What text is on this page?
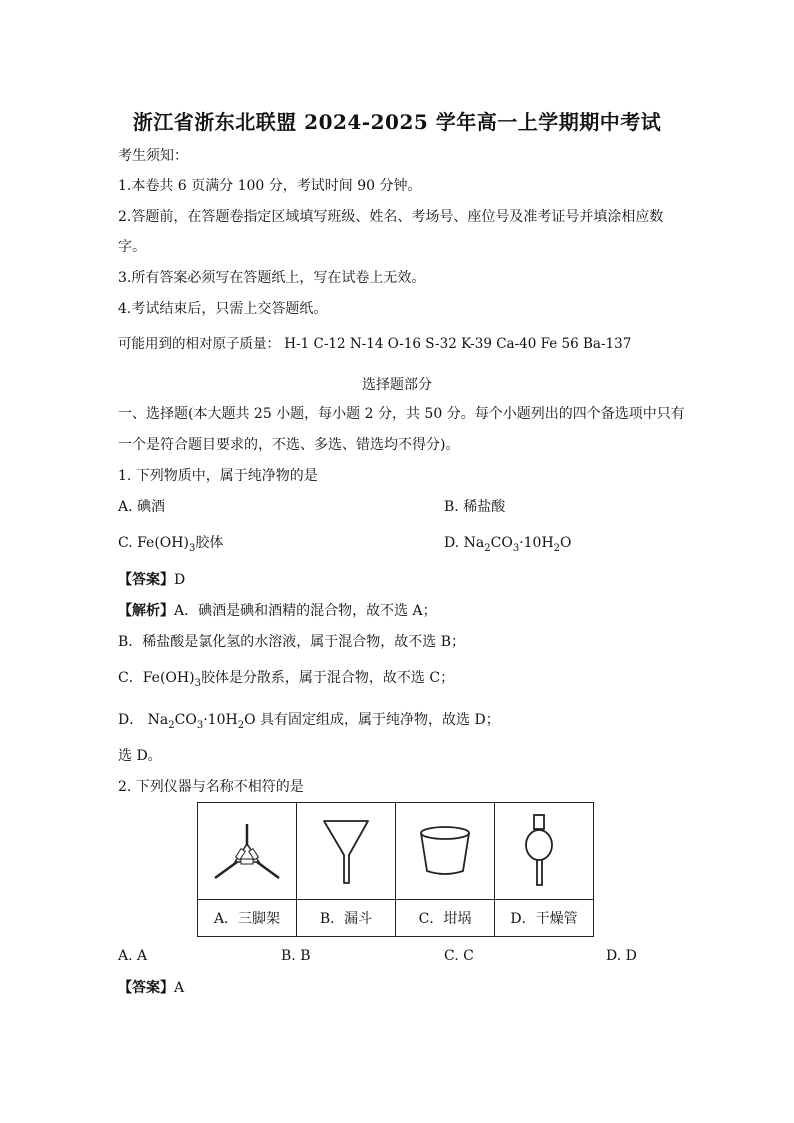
浙江省浙东北联盟 2024-2025 学年高一上学期期中考试
考生须知：
1.本卷共 6 页满分 100 分，考试时间 90 分钟。
2.答题前，在答题卷指定区域填写班级、姓名、考场号、座位号及准考证号并填涂相应数
字。
3.所有答案必须写在答题纸上，写在试卷上无效。
4.考试结束后，只需上交答题纸。
可能用到的相对原子质量： H-1 C-12 N-14 O-16 S-32 K-39 Ca-40 Fe 56 Ba-137
选择题部分
一、选择题(本大题共 25 小题，每小题 2 分，共 50 分。每个小题列出的四个备选项中只有
一个是符合题目要求的，不选、多选、错选均不得分)。
1. 下列物质中，属于纯净物的是
A. 碘酒	B. 稀盐酸
C. $Fe(OH)_3$胶体	D. $Na_2CO_3\cdot 10H_2O$
【答案】D
【解析】A．碘酒是碘和酒精的混合物，故不选 A；
B．稀盐酸是氯化氢的水溶液，属于混合物，故不选 B；
C．$Fe(OH)_3$胶体是分散系，属于混合物，故不选 C；
D． $Na_2CO_3\cdot 10H_2O$ 具有固定组成，属于纯净物，故选 D；
选 D。
2. 下列仪器与名称不相符的是

A．三脚架	B．漏斗	C．坩埚	D．干燥管
A. A	B. B	C. C	D. D
【答案】A
